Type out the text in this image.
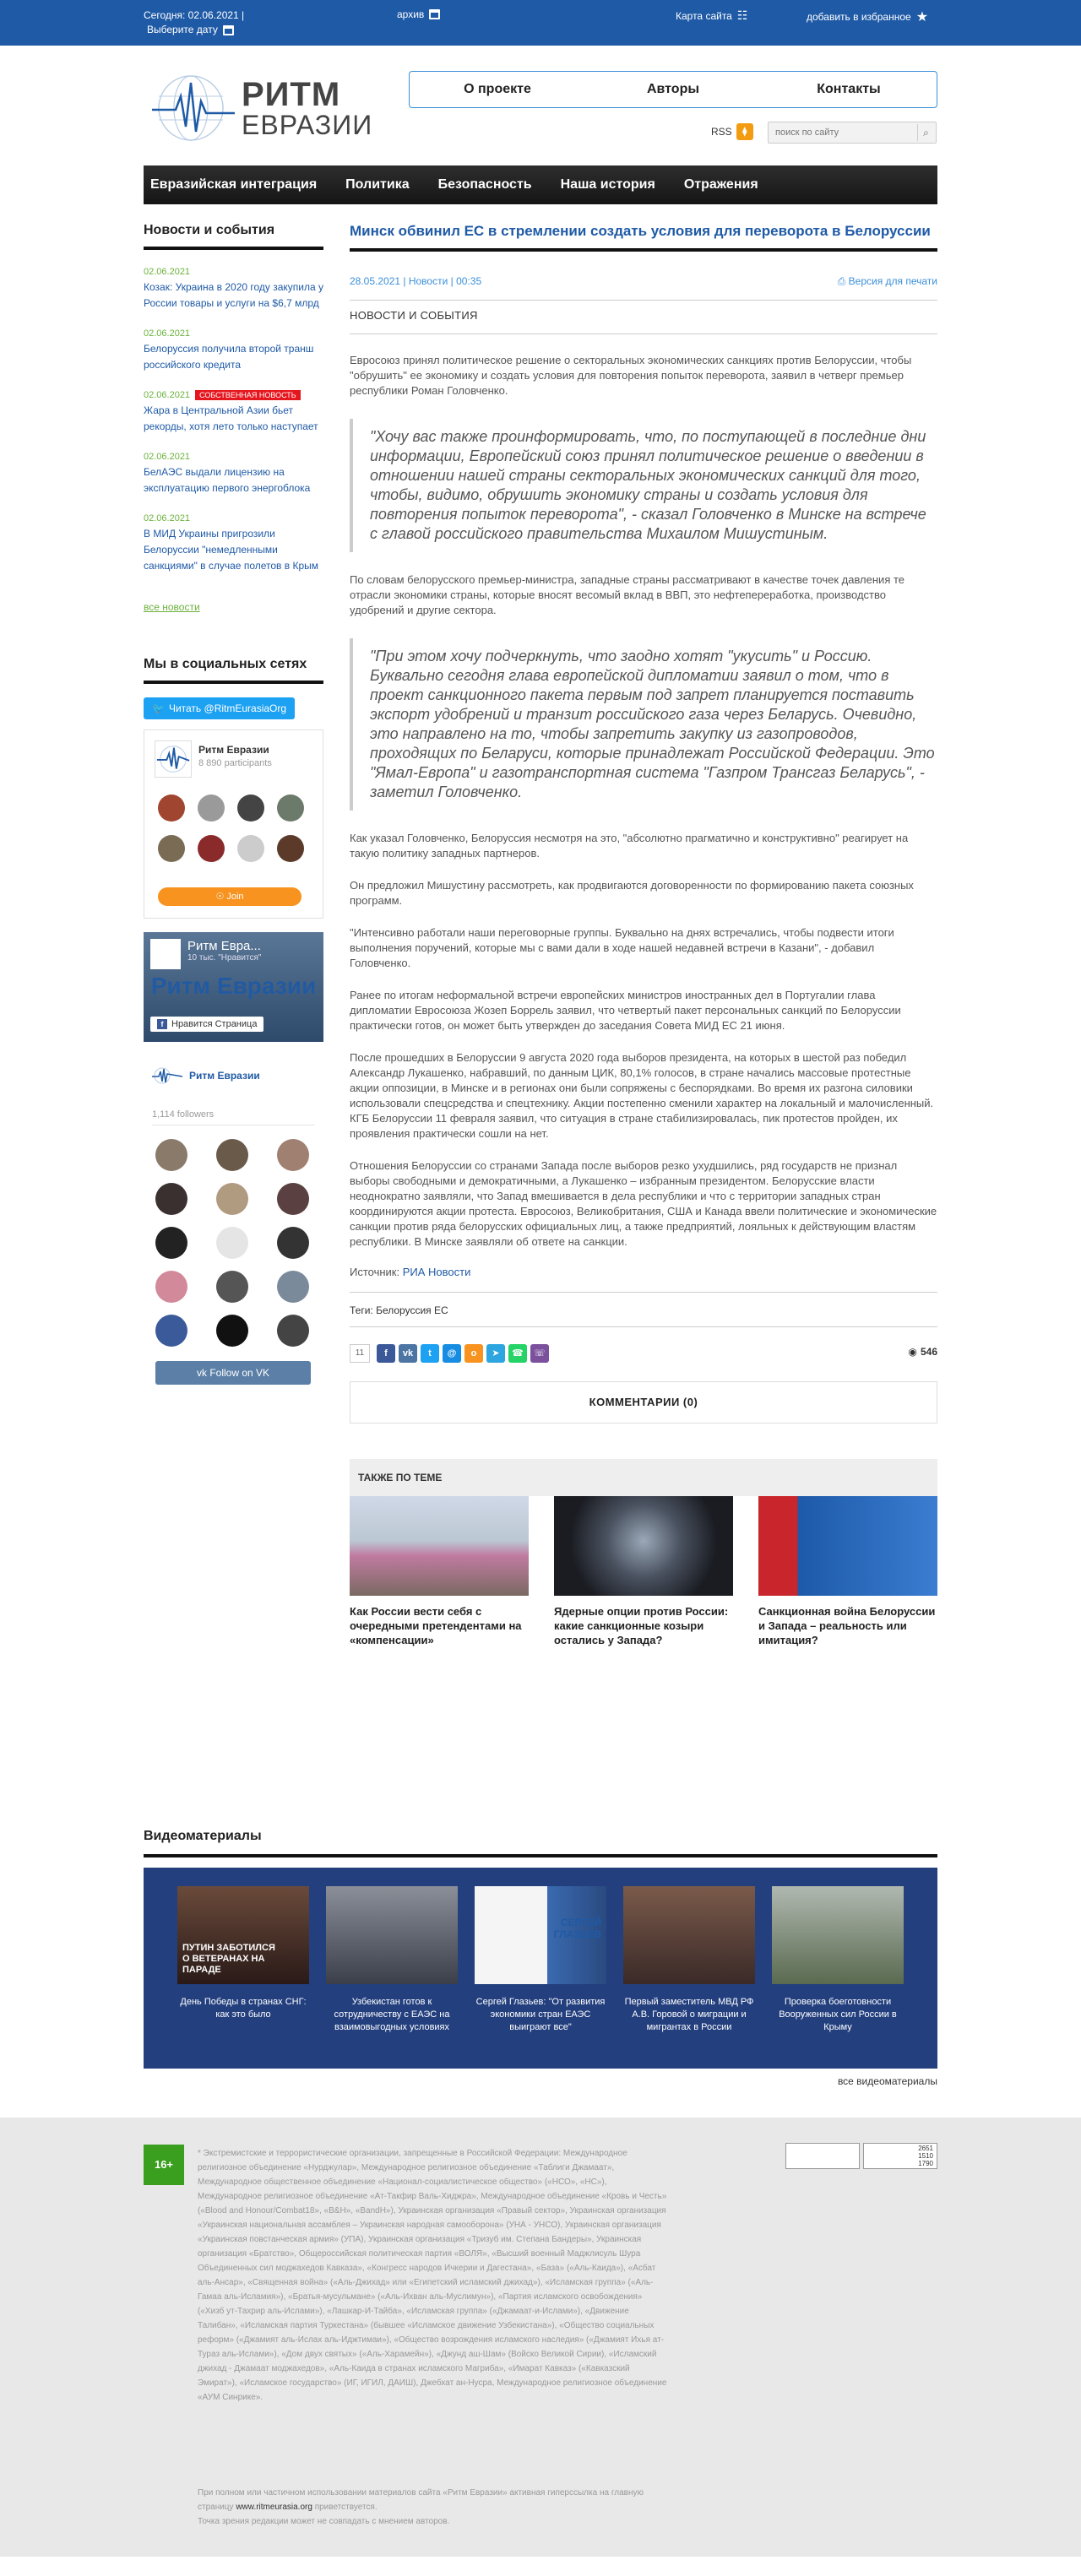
Сегодня: 02.06.2021 |
Выберите дату
архив	Карта сайта ☷	добавить в избранное ★
РИТМ
ЕВРАЗИИ
О проекте	Авторы	Контакты
RSS	⧫
поиск по сайту	⌕
Евразийская интеграция Политика Безопасность Наша история Отражения
Новости и события
02.06.2021
Козак: Украина в 2020 году закупила у России товары и услуги на $6,7 млрд
02.06.2021
Белоруссия получила второй транш российского кредита
02.06.2021 СОБСТВЕННАЯ НОВОСТЬ
Жара в Центральной Азии бьет рекорды, хотя лето только наступает
02.06.2021
БелАЭС выдали лицензию на эксплуатацию первого энергоблока
02.06.2021
В МИД Украины пригрозили Белоруссии "немедленными санкциями" в случае полетов в Крым
все новости
Мы в социальных сетях
🐦 Читать @RitmEurasiaOrg
Ритм Евразии
8 890 participants
☉ Join
Ритм Евра...
10 тыс. "Нравится"
Ритм Евразии
f Нравится Страница
Ритм Евразии
1,114 followers
vk Follow on VK
Минск обвинил ЕС в стремлении создать условия для переворота в Белоруссии
28.05.2021 | Новости | 00:35	⎙ Версия для печати
НОВОСТИ И СОБЫТИЯ

Евросоюз принял политическое решение о секторальных экономических санкциях против Белоруссии, чтобы "обрушить" ее экономику и создать условия для повторения попыток переворота, заявил в четверг премьер республики Роман Головченко.

"Хочу вас также проинформировать, что, по поступающей в последние дни информации, Европейский союз принял политическое решение о введении в отношении нашей страны секторальных экономических санкций для того, чтобы, видимо, обрушить экономику страны и создать условия для повторения попыток переворота", - сказал Головченко в Минске на встрече с главой российского правительства Михаилом Мишустиным.

По словам белорусского премьер-министра, западные страны рассматривают в качестве точек давления те отрасли экономики страны, которые вносят весомый вклад в ВВП, это нефтепереработка, производство удобрений и другие сектора.

"При этом хочу подчеркнуть, что заодно хотят "укусить" и Россию. Буквально сегодня глава европейской дипломатии заявил о том, что в проект санкционного пакета первым под запрет планируется поставить экспорт удобрений и транзит российского газа через Беларусь. Очевидно, это направлено на то, чтобы запретить закупку из газопроводов, проходящих по Беларуси, которые принадлежат Российской Федерации. Это "Ямал-Европа" и газотранспортная система "Газпром Трансгаз Беларусь", - заметил Головченко.

Как указал Головченко, Белоруссия несмотря на это, "абсолютно прагматично и конструктивно" реагирует на такую политику западных партнеров.

Он предложил Мишустину рассмотреть, как продвигаются договоренности по формированию пакета союзных программ.

"Интенсивно работали наши переговорные группы. Буквально на днях встречались, чтобы подвести итоги выполнения поручений, которые мы с вами дали в ходе нашей недавней встречи в Казани", - добавил Головченко.

Ранее по итогам неформальной встречи европейских министров иностранных дел в Португалии глава дипломатии Евросоюза Жозеп Боррель заявил, что четвертый пакет персональных санкций по Белоруссии практически готов, он может быть утвержден до заседания Совета МИД ЕС 21 июня.

После прошедших в Белоруссии 9 августа 2020 года выборов президента, на которых в шестой раз победил Александр Лукашенко, набравший, по данным ЦИК, 80,1% голосов, в стране начались массовые протестные акции оппозиции, в Минске и в регионах они были сопряжены с беспорядками. Во время их разгона силовики использовали спецсредства и спецтехнику. Акции постепенно сменили характер на локальный и малочисленный. КГБ Белоруссии 11 февраля заявил, что ситуация в стране стабилизировалась, пик протестов пройден, их проявления практически сошли на нет.

Отношения Белоруссии со странами Запада после выборов резко ухудшились, ряд государств не признал выборы свободными и демократичными, а Лукашенко – избранным президентом. Белорусские власти неоднократно заявляли, что Запад вмешивается в дела республики и что с территории западных стран координируются акции протеста. Евросоюз, Великобритания, США и Канада ввели политические и экономические санкции против ряда белорусских официальных лиц, а также предприятий, лояльных к действующим властям республики. В Минске заявляли об ответе на санкции.

Источник: РИА Новости

Теги: Белоруссия ЕС
11	f	vk	t	@	o	➤	☎	☏	◉ 546
КОММЕНТАРИИ (0)
ТАКЖЕ ПО ТЕМЕ
Как России вести себя с очередными претендентами на «компенсации»
Ядерные опции против России: какие санкционные козыри остались у Запада?
Санкционная война Белоруссии и Запада – реальность или имитация?
Видеоматериалы
ПУТИН ЗАБОТИЛСЯ О ВЕТЕРАНАХ НА ПАРАДЕ
День Победы в странах СНГ: как это было
Узбекистан готов к сотрудничеству с ЕАЭС на взаимовыгодных условиях
СЕРГЕЙ ГЛАЗЬЕВ
Сергей Глазьев: "От развития экономики стран ЕАЭС выиграют все"
Первый заместитель МВД РФ А.В. Горовой о миграции и мигрантах в России
Проверка боеготовности Вооруженных сил России в Крыму
все видеоматериалы
16+
* Экстремистские и террористические организации, запрещенные в Российской Федерации: Международное религиозное объединение «Нурджулар», Международное религиозное объединение «Таблиги Джамаат», Международное общественное объединение «Национал-социалистическое общество» («НСО», «НС»), Международное религиозное объединение «Ат-Такфир Валь-Хиджра», Международное объединение «Кровь и Честь» («Blood and Honour/Combat18», «B&H», «BandH»), Украинская организация «Правый сектор», Украинская организация «Украинская национальная ассамблея – Украинская народная самооборона» (УНА - УНСО), Украинская организация «Украинская повстанческая армия» (УПА), Украинская организация «Тризуб им. Степана Бандеры», Украинская организация «Братство», Общероссийская политическая партия «ВОЛЯ», «Высший военный Маджлисуль Шура Объединенных сил моджахедов Кавказа», «Конгресс народов Ичкерии и Дагестана», «База» («Аль-Каида»), «Асбат аль-Ансар», «Священная война» («Аль-Джихад» или «Египетский исламский джихад»), «Исламская группа» («Аль-Гамаа аль-Исламия»), «Братья-мусульмане» («Аль-Ихван аль-Муслимун»), «Партия исламского освобождения» («Хизб ут-Тахрир аль-Ислами»), «Лашкар-И-Тайба», «Исламская группа» («Джамаат-и-Ислами»), «Движение Талибан», «Исламская партия Туркестана» (бывшее «Исламское движение Узбекистана»), «Общество социальных реформ» («Джамият аль-Ислах аль-Иджтимаи»), «Общество возрождения исламского наследия» («Джамият Ихья ат-Тураз аль-Ислами»), «Дом двух святых» («Аль-Харамейн»), «Джунд аш-Шам» (Войско Великой Сирии), «Исламский джихад - Джамаат моджахедов», «Аль-Каида в странах исламского Магриба», «Имарат Кавказ» («Кавказский Эмират»), «Исламское государство» (ИГ, ИГИЛ, ДАИШ), Джебхат ан-Нусра, Международное религиозное объединение «АУМ Синрике».
2651
1510
1790
При полном или частичном использовании материалов сайта «Ритм Евразии» активная гиперссылка на главную страницу www.ritmeurasia.org приветствуется.
Точка зрения редакции может не совпадать с мнением авторов.
